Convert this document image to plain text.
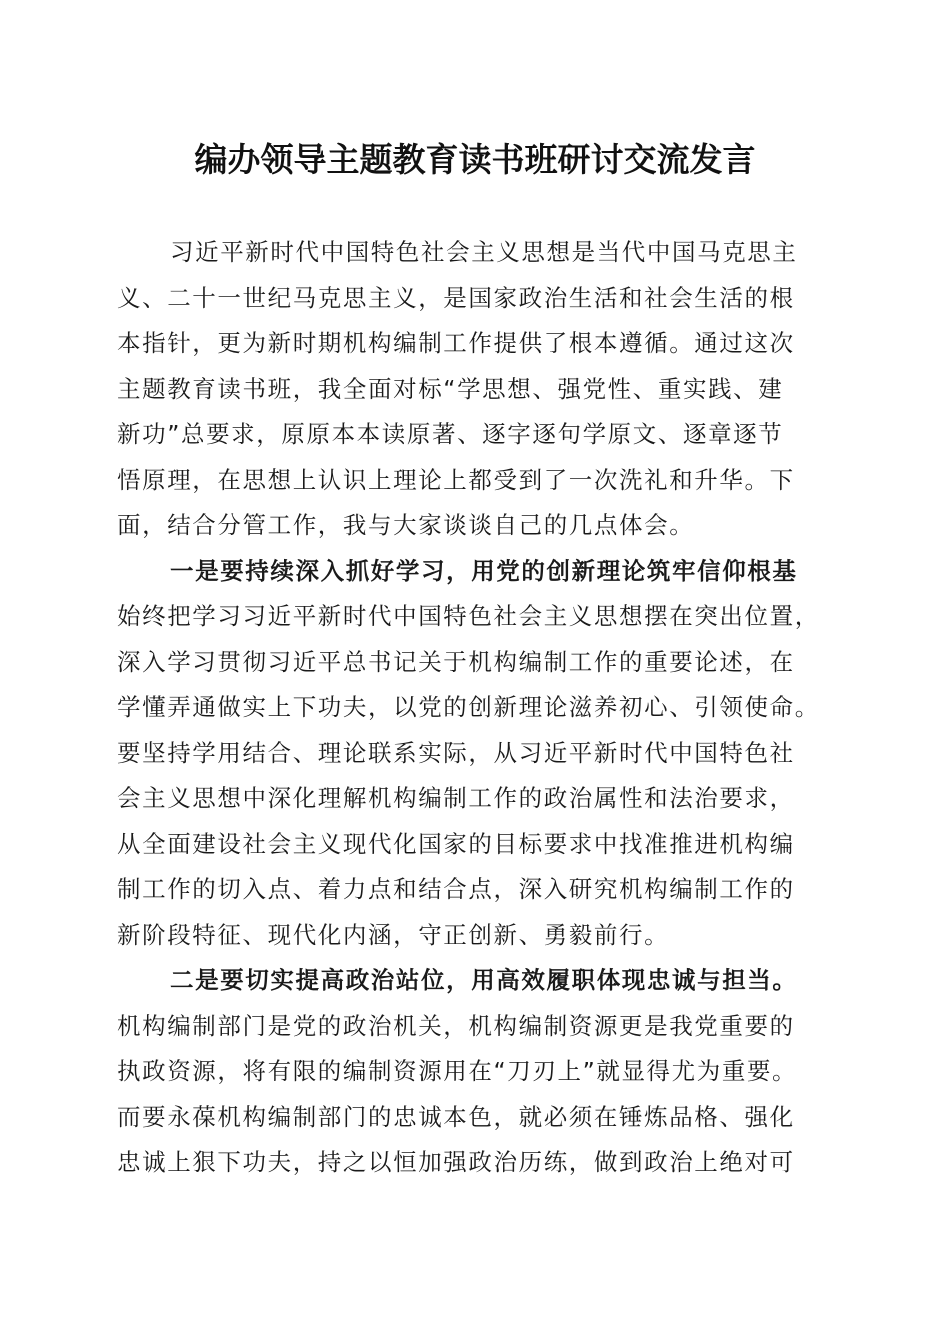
编办领导主题教育读书班研讨交流发言
习近平新时代中国特色社会主义思想是当代中国马克思主
义、二十一世纪马克思主义，是国家政治生活和社会生活的根
本指针，更为新时期机构编制工作提供了根本遵循。通过这次
主题教育读书班，我全面对标“学思想、强党性、重实践、建
新功”总要求，原原本本读原著、逐字逐句学原文、逐章逐节
悟原理，在思想上认识上理论上都受到了一次洗礼和升华。下
面，结合分管工作，我与大家谈谈自己的几点体会。
一是要持续深入抓好学习，用党的创新理论筑牢信仰根基
始终把学习习近平新时代中国特色社会主义思想摆在突出位置，
深入学习贯彻习近平总书记关于机构编制工作的重要论述，在
学懂弄通做实上下功夫，以党的创新理论滋养初心、引领使命。
要坚持学用结合、理论联系实际，从习近平新时代中国特色社
会主义思想中深化理解机构编制工作的政治属性和法治要求，
从全面建设社会主义现代化国家的目标要求中找准推进机构编
制工作的切入点、着力点和结合点，深入研究机构编制工作的
新阶段特征、现代化内涵，守正创新、勇毅前行。
二是要切实提高政治站位，用高效履职体现忠诚与担当。
机构编制部门是党的政治机关，机构编制资源更是我党重要的
执政资源，将有限的编制资源用在“刀刃上”就显得尤为重要。
而要永葆机构编制部门的忠诚本色，就必须在锤炼品格、强化
忠诚上狠下功夫，持之以恒加强政治历练，做到政治上绝对可
